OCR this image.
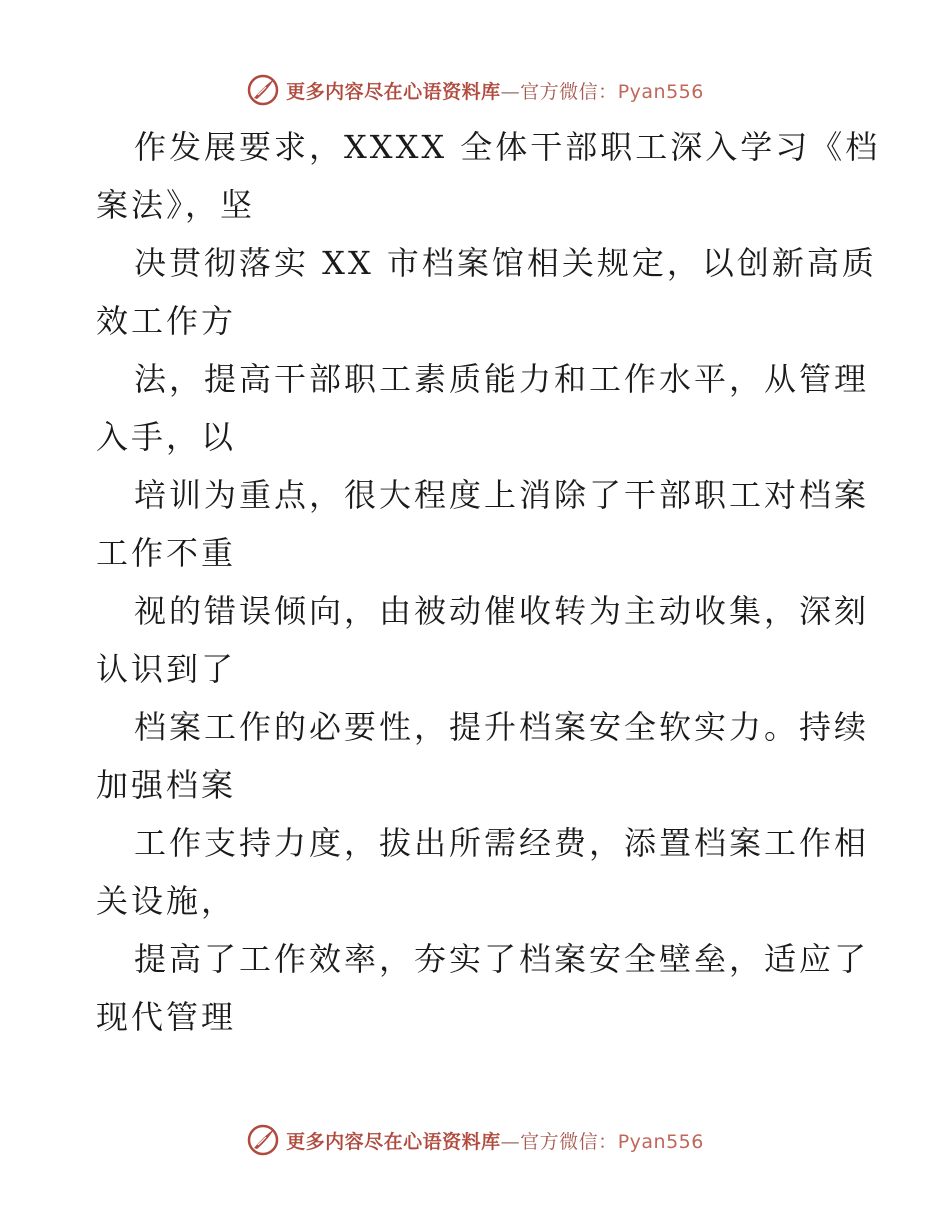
更多内容尽在心语资料库—官方微信：Pyan556

作发展要求，XXXX 全体干部职工深入学习《档
案法》，坚

决贯彻落实 XX 市档案馆相关规定，以创新高质
效工作方

法，提高干部职工素质能力和工作水平，从管理
入手，以

培训为重点，很大程度上消除了干部职工对档案
工作不重

视的错误倾向，由被动催收转为主动收集，深刻
认识到了

档案工作的必要性，提升档案安全软实力。持续
加强档案

工作支持力度，拔出所需经费，添置档案工作相
关设施，

提高了工作效率，夯实了档案安全壁垒，适应了
现代管理

更多内容尽在心语资料库—官方微信：Pyan556
